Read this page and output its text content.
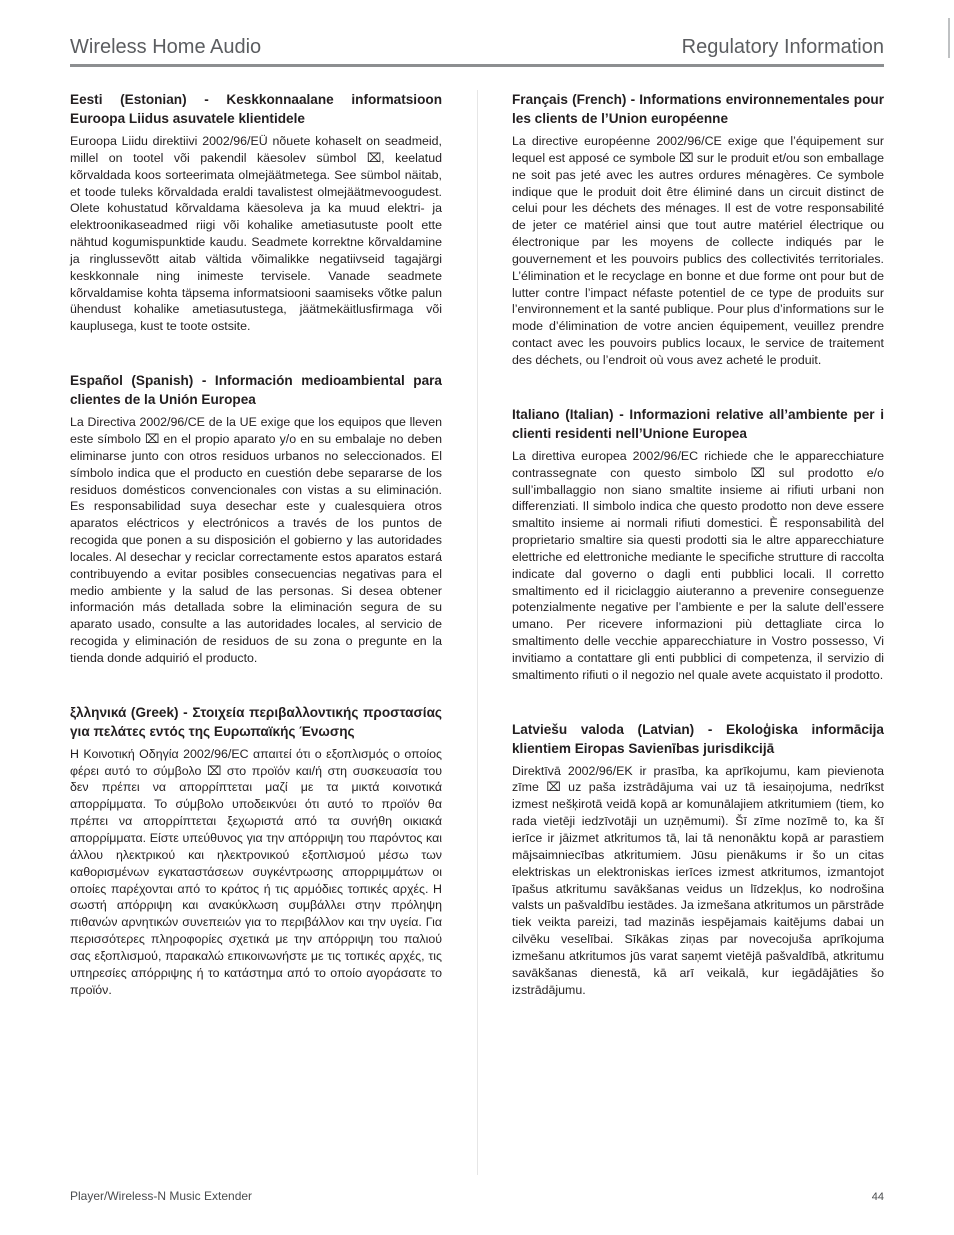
Wireless Home Audio	Regulatory Information
Eesti (Estonian) - Keskkonnaalane informatsioon Euroopa Liidus asuvatele klientidele

Euroopa Liidu direktiivi 2002/96/EÜ nõuete kohaselt on seadmeid, millel on tootel või pakendil käesolev sümbol ⌧, keelatud kõrvaldada koos sorteerimata olmejäätmetega. See sümbol näitab, et toode tuleks kõrvaldada eraldi tavalistest olmejäätmevoogudest. Olete kohustatud kõrvaldama käesoleva ja ka muud elektri- ja elektroonikaseadmed riigi või kohalike ametiasutuste poolt ette nähtud kogumispunktide kaudu. Seadmete korrektne kõrvaldamine ja ringlussevõtt aitab vältida võimalikke negatiivseid tagajärgi keskkonnale ning inimeste tervisele. Vanade seadmete kõrvaldamise kohta täpsema informatsiooni saamiseks võtke palun ühendust kohalike ametiasutustega, jäätmekäitlusfirmaga või kauplusega, kust te toote ostsite.

Español (Spanish) - Información medioambiental para clientes de la Unión Europea

La Directiva 2002/96/CE de la UE exige que los equipos que lleven este símbolo ⌧ en el propio aparato y/o en su embalaje no deben eliminarse junto con otros residuos urbanos no seleccionados. El símbolo indica que el producto en cuestión debe separarse de los residuos domésticos convencionales con vistas a su eliminación. Es responsabilidad suya desechar este y cualesquiera otros aparatos eléctricos y electrónicos a través de los puntos de recogida que ponen a su disposición el gobierno y las autoridades locales. Al desechar y reciclar correctamente estos aparatos estará contribuyendo a evitar posibles consecuencias negativas para el medio ambiente y la salud de las personas. Si desea obtener información más detallada sobre la eliminación segura de su aparato usado, consulte a las autoridades locales, al servicio de recogida y eliminación de residuos de su zona o pregunte en la tienda donde adquirió el producto.

ξλληνικά (Greek) - Στοιχεία περιβαλλοντικής προστασίας για πελάτες εντός της Ευρωπαϊκής Ένωσης

Η Κοινοτική Οδηγία 2002/96/EC απαιτεί ότι ο εξοπλισμός ο οποίος φέρει αυτό το σύμβολο ⌧ στο προϊόν και/ή στη συσκευασία του δεν πρέπει να απορρίπτεται μαζί με τα μικτά κοινοτικά απορρίμματα. Το σύμβολο υποδεικνύει ότι αυτό το προϊόν θα πρέπει να απορρίπτεται ξεχωριστά από τα συνήθη οικιακά απορρίμματα. Είστε υπεύθυνος για την απόρριψη του παρόντος και άλλου ηλεκτρικού και ηλεκτρονικού εξοπλισμού μέσω των καθορισμένων εγκαταστάσεων συγκέντρωσης απορριμμάτων οι οποίες παρέχονται από το κράτος ή τις αρμόδιες τοπικές αρχές. Η σωστή απόρριψη και ανακύκλωση συμβάλλει στην πρόληψη πιθανών αρνητικών συνεπειών για το περιβάλλον και την υγεία. Για περισσότερες πληροφορίες σχετικά με την απόρριψη του παλιού σας εξοπλισμού, παρακαλώ επικοινωνήστε με τις τοπικές αρχές, τις υπηρεσίες απόρριψης ή το κατάστημα από το οποίο αγοράσατε το προϊόν.

Français (French) - Informations environnementales pour les clients de l’Union européenne

La directive européenne 2002/96/CE exige que l’équipement sur lequel est apposé ce symbole ⌧ sur le produit et/ou son emballage ne soit pas jeté avec les autres ordures ménagères. Ce symbole indique que le produit doit être éliminé dans un circuit distinct de celui pour les déchets des ménages. Il est de votre responsabilité de jeter ce matériel ainsi que tout autre matériel électrique ou électronique par les moyens de collecte indiqués par le gouvernement et les pouvoirs publics des collectivités territoriales. L’élimination et le recyclage en bonne et due forme ont pour but de lutter contre l’impact néfaste potentiel de ce type de produits sur l’environnement et la santé publique. Pour plus d’informations sur le mode d’élimination de votre ancien équipement, veuillez prendre contact avec les pouvoirs publics locaux, le service de traitement des déchets, ou l’endroit où vous avez acheté le produit.

Italiano (Italian) - Informazioni relative all’ambiente per i clienti residenti nell’Unione Europea

La direttiva europea 2002/96/EC richiede che le apparecchiature contrassegnate con questo simbolo ⌧ sul prodotto e/o sull’imballaggio non siano smaltite insieme ai rifiuti urbani non differenziati. Il simbolo indica che questo prodotto non deve essere smaltito insieme ai normali rifiuti domestici. È responsabilità del proprietario smaltire sia questi prodotti sia le altre apparecchiature elettriche ed elettroniche mediante le specifiche strutture di raccolta indicate dal governo o dagli enti pubblici locali. Il corretto smaltimento ed il riciclaggio aiuteranno a prevenire conseguenze potenzialmente negative per l’ambiente e per la salute dell’essere umano. Per ricevere informazioni più dettagliate circa lo smaltimento delle vecchie apparecchiature in Vostro possesso, Vi invitiamo a contattare gli enti pubblici di competenza, il servizio di smaltimento rifiuti o il negozio nel quale avete acquistato il prodotto.

Latviešu valoda (Latvian) - Ekoloģiska informācija klientiem Eiropas Savienības jurisdikcijā

Direktīvā 2002/96/EK ir prasība, ka aprīkojumu, kam pievienota zīme ⌧ uz paša izstrādājuma vai uz tā iesaiņojuma, nedrīkst izmest nešķirotā veidā kopā ar komunālajiem atkritumiem (tiem, ko rada vietēji iedzīvotāji un uzņēmumi). Šī zīme nozīmē to, ka šī ierīce ir jāizmet atkritumos tā, lai tā nenonāktu kopā ar parastiem mājsaimniecības atkritumiem. Jūsu pienākums ir šo un citas elektriskas un elektroniskas ierīces izmest atkritumos, izmantojot īpašus atkritumu savākšanas veidus un līdzekļus, ko nodrošina valsts un pašvaldību iestādes. Ja izmešana atkritumos un pārstrāde tiek veikta pareizi, tad mazinās iespējamais kaitējums dabai un cilvēku veselībai. Sīkākas ziņas par novecojuša aprīkojuma izmešanu atkritumos jūs varat saņemt vietējā pašvaldībā, atkritumu savākšanas dienestā, kā arī veikalā, kur iegādājāties šo izstrādājumu.

Player/Wireless-N Music Extender	44
